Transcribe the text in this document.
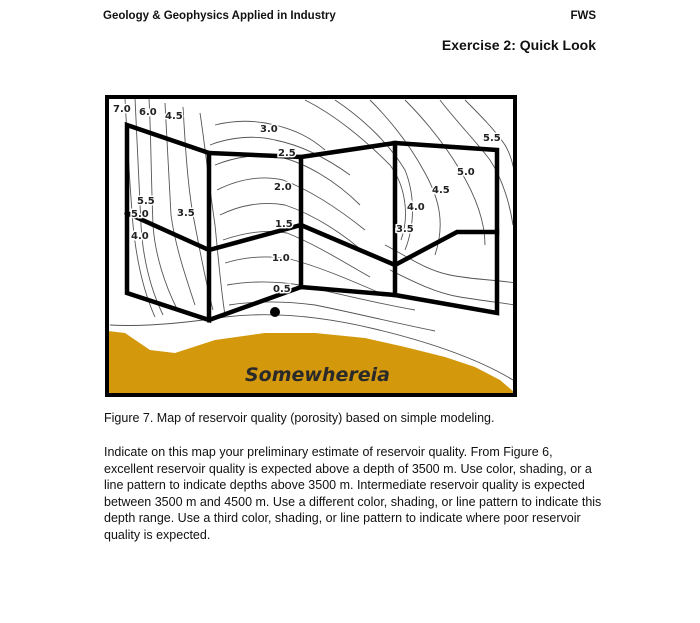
Geology & Geophysics Applied in Industry	FWS
Exercise 2: Quick Look
7.0 6.0 4.5
3.0
2.5
2.0
1.5
1.0
0.5
5.5
5.0	3.5
4.0
5.5
5.0
4.5
4.0
3.5
Somewhereia
Figure 7. Map of reservoir quality (porosity) based on simple modeling.
Indicate on this map your preliminary estimate of reservoir quality. From Figure 6, excellent reservoir quality is expected above a depth of 3500 m. Use color, shading, or a line pattern to indicate depths above 3500 m. Intermediate reservoir quality is expected between 3500 m and 4500 m. Use a different color, shading, or line pattern to indicate this depth range. Use a third color, shading, or line pattern to indicate where poor reservoir quality is expected.
